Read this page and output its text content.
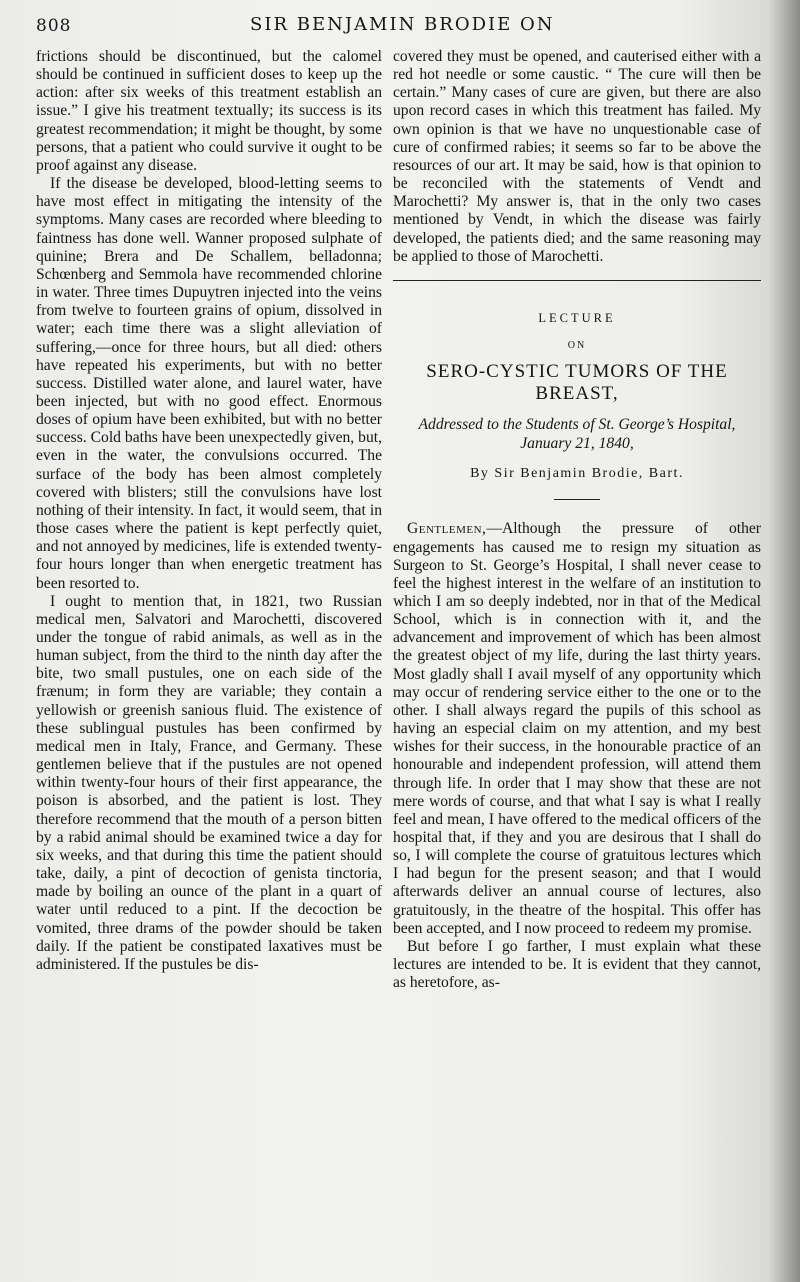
808	SIR BENJAMIN BRODIE ON

frictions should be discontinued, but the calomel should be continued in sufficient doses to keep up the action: after six weeks of this treatment establish an issue.” I give his treatment textually; its success is its greatest recommendation; it might be thought, by some persons, that a patient who could survive it ought to be proof against any disease.

If the disease be developed, blood-letting seems to have most effect in mitigating the intensity of the symptoms. Many cases are recorded where bleeding to faintness has done well. Wanner proposed sulphate of quinine; Brera and De Schallem, belladonna; Schœnberg and Semmola have recommended chlorine in water. Three times Dupuytren injected into the veins from twelve to fourteen grains of opium, dissolved in water; each time there was a slight alleviation of suffering,—once for three hours, but all died: others have repeated his experiments, but with no better success. Distilled water alone, and laurel water, have been injected, but with no good effect. Enormous doses of opium have been exhibited, but with no better success. Cold baths have been unexpectedly given, but, even in the water, the convulsions occurred. The surface of the body has been almost completely covered with blisters; still the convulsions have lost nothing of their intensity. In fact, it would seem, that in those cases where the patient is kept perfectly quiet, and not annoyed by medicines, life is extended twenty-four hours longer than when energetic treatment has been resorted to.

I ought to mention that, in 1821, two Russian medical men, Salvatori and Marochetti, discovered under the tongue of rabid animals, as well as in the human subject, from the third to the ninth day after the bite, two small pustules, one on each side of the frænum; in form they are variable; they contain a yellowish or greenish sanious fluid. The existence of these sublingual pustules has been confirmed by medical men in Italy, France, and Germany. These gentlemen believe that if the pustules are not opened within twenty-four hours of their first appearance, the poison is absorbed, and the patient is lost. They therefore recommend that the mouth of a person bitten by a rabid animal should be examined twice a day for six weeks, and that during this time the patient should take, daily, a pint of decoction of genista tinctoria, made by boiling an ounce of the plant in a quart of water until reduced to a pint. If the decoction be vomited, three drams of the powder should be taken daily. If the patient be constipated laxatives must be administered. If the pustules be dis-

covered they must be opened, and cauterised either with a red hot needle or some caustic. “ The cure will then be certain.” Many cases of cure are given, but there are also upon record cases in which this treatment has failed. My own opinion is that we have no unquestionable case of cure of confirmed rabies; it seems so far to be above the resources of our art. It may be said, how is that opinion to be reconciled with the statements of Vendt and Marochetti? My answer is, that in the only two cases mentioned by Vendt, in which the disease was fairly developed, the patients died; and the same reasoning may be applied to those of Marochetti.

LECTURE
ON
SERO-CYSTIC TUMORS OF THE BREAST,
Addressed to the Students of St. George’s Hospital, January 21, 1840,
By Sir Benjamin Brodie, Bart.

Gentlemen,—Although the pressure of other engagements has caused me to resign my situation as Surgeon to St. George’s Hospital, I shall never cease to feel the highest interest in the welfare of an institution to which I am so deeply indebted, nor in that of the Medical School, which is in connection with it, and the advancement and improvement of which has been almost the greatest object of my life, during the last thirty years. Most gladly shall I avail myself of any opportunity which may occur of rendering service either to the one or to the other. I shall always regard the pupils of this school as having an especial claim on my attention, and my best wishes for their success, in the honourable practice of an honourable and independent profession, will attend them through life. In order that I may show that these are not mere words of course, and that what I say is what I really feel and mean, I have offered to the medical officers of the hospital that, if they and you are desirous that I shall do so, I will complete the course of gratuitous lectures which I had begun for the present season; and that I would afterwards deliver an annual course of lectures, also gratuitously, in the theatre of the hospital. This offer has been accepted, and I now proceed to redeem my promise.

But before I go farther, I must explain what these lectures are intended to be. It is evident that they cannot, as heretofore, as-
